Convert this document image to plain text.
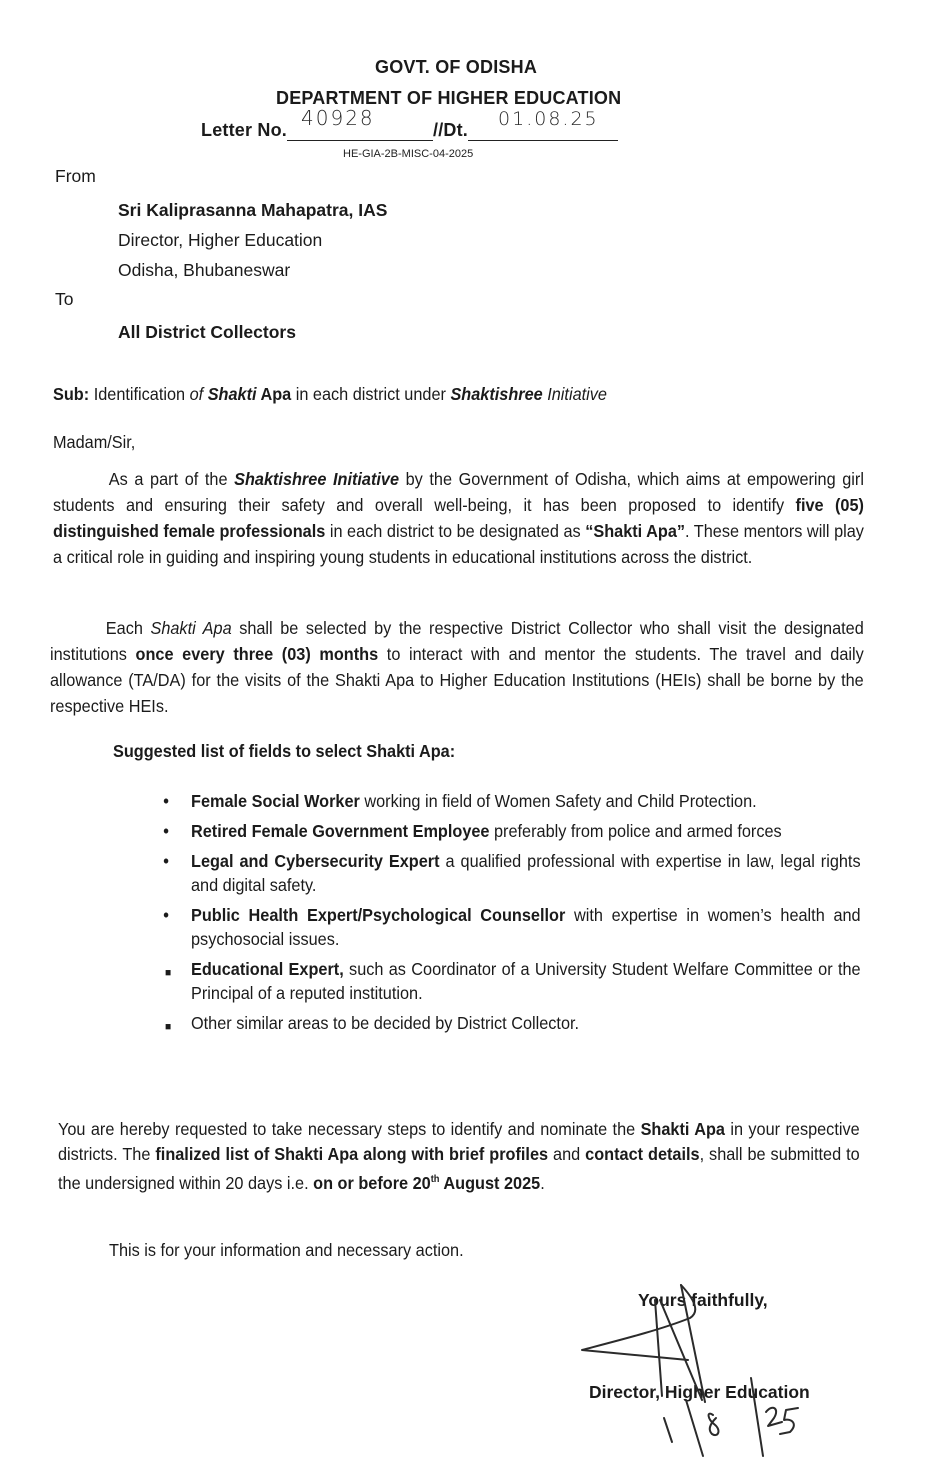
GOVT. OF ODISHA
DEPARTMENT OF HIGHER EDUCATION
Letter No. 40928	//Dt. 01.08.25
HE-GIA-2B-MISC-04-2025
From
Sri Kaliprasanna Mahapatra, IAS
Director, Higher Education
Odisha, Bhubaneswar
To
All District Collectors
Sub: Identification of Shakti Apa in each district under Shaktishree Initiative
Madam/Sir,
As a part of the Shaktishree Initiative by the Government of Odisha, which aims at empowering girl students and ensuring their safety and overall well-being, it has been proposed to identify five (05) distinguished female professionals in each district to be designated as “Shakti Apa”. These mentors will play a critical role in guiding and inspiring young students in educational institutions across the district.
Each Shakti Apa shall be selected by the respective District Collector who shall visit the designated institutions once every three (03) months to interact with and mentor the students. The travel and daily allowance (TA/DA) for the visits of the Shakti Apa to Higher Education Institutions (HEIs) shall be borne by the respective HEIs.
Suggested list of fields to select Shakti Apa:
• Female Social Worker working in field of Women Safety and Child Protection.
• Retired Female Government Employee preferably from police and armed forces
• Legal and Cybersecurity Expert a qualified professional with expertise in law, legal rights and digital safety.
• Public Health Expert/Psychological Counsellor with expertise in women’s health and psychosocial issues.
■ Educational Expert, such as Coordinator of a University Student Welfare Committee or the Principal of a reputed institution.
■ Other similar areas to be decided by District Collector.
You are hereby requested to take necessary steps to identify and nominate the Shakti Apa in your respective districts. The finalized list of Shakti Apa along with brief profiles and contact details, shall be submitted to the undersigned within 20 days i.e. on or before 20th August 2025.
This is for your information and necessary action.
Yours faithfully,
Director, Higher Education
